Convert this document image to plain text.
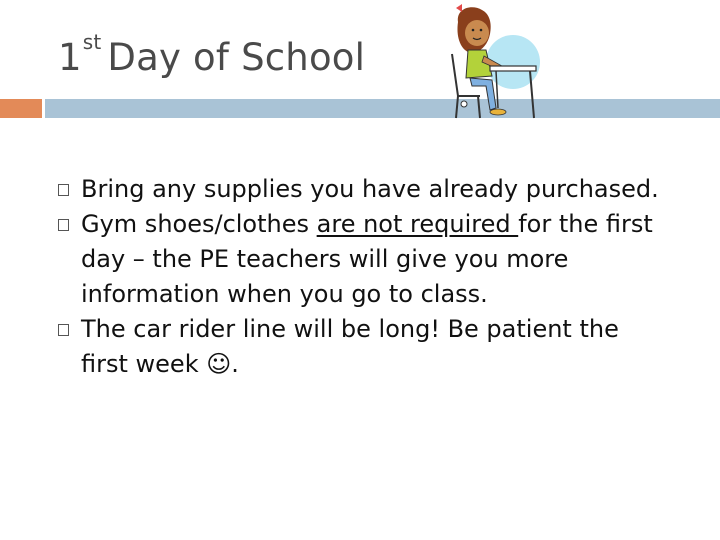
1st Day of School
Bring any supplies you have already purchased.
Gym shoes/clothes are not required for the first day – the PE teachers will give you more information when you go to class.
The car rider line will be long! Be patient the first week ☺.
